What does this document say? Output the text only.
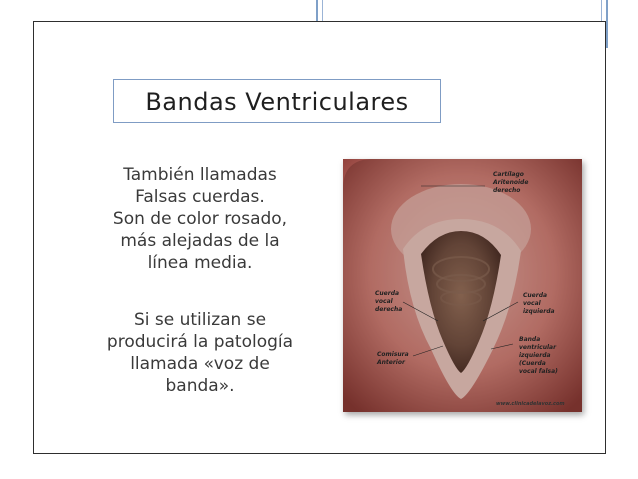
Bandas Ventriculares
También llamadas
Falsas cuerdas.
Son de color rosado,
más alejadas de la
línea media.
Si se utilizan se
producirá la patología
llamada «voz de
banda».
Cartílago
Aritenoide
derecho
Cuerda
vocal
derecha
Cuerda
vocal
izquierda
Comisura
Anterior
Banda
ventricular
izquierda
(Cuerda
vocal falsa)
www.clinicadelavoz.com
